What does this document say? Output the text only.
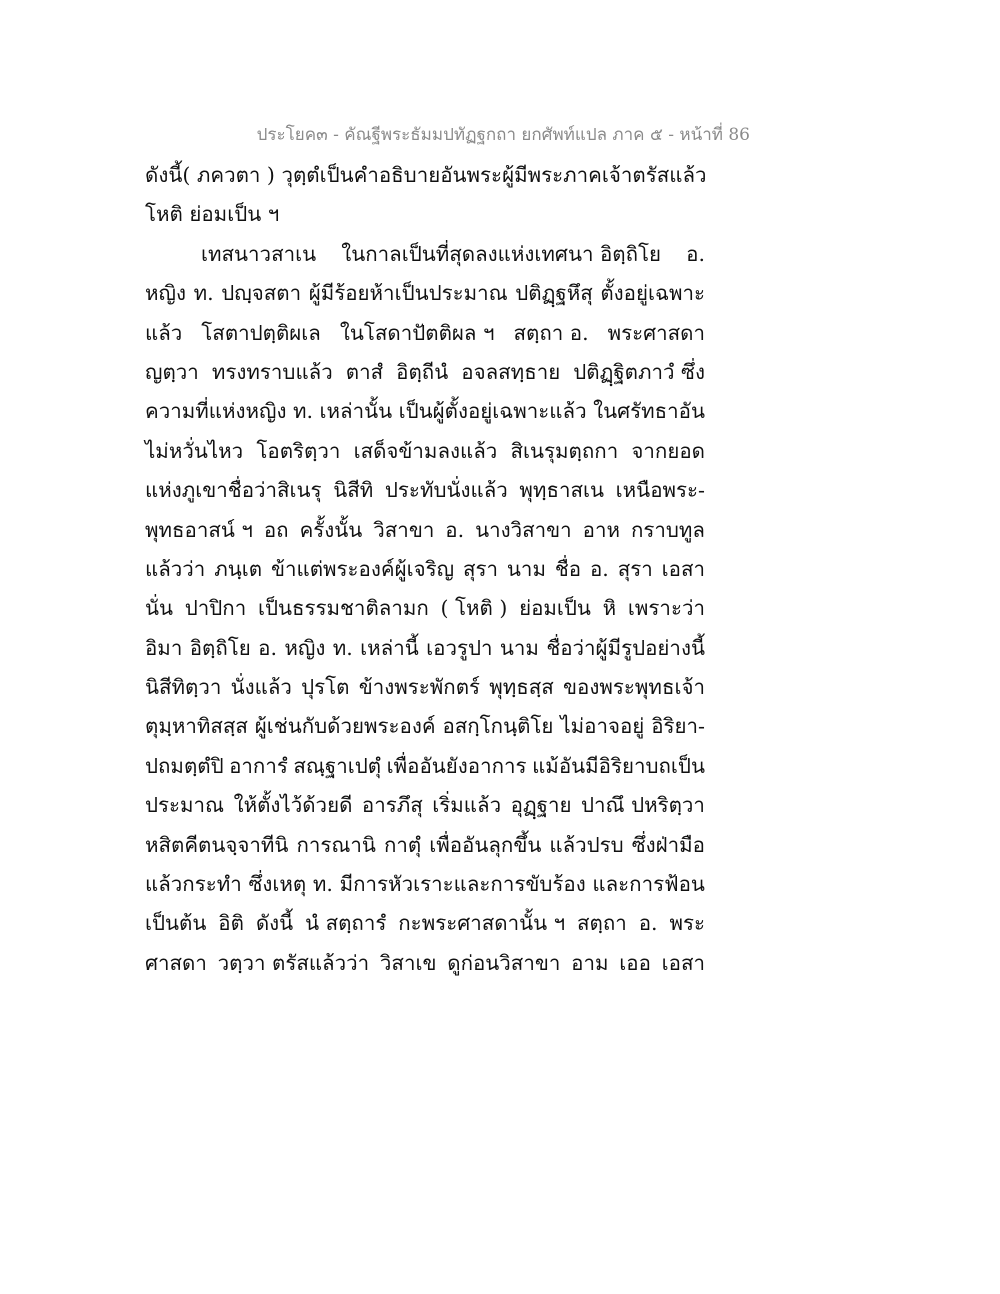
ประโยค๓ - คัณฐีพระธัมมปทัฏฐกถา ยกศัพท์แปล ภาค ๕ - หน้าที่ 86
ดังนี้ ( ภควตา ) วุตฺตํ เป็นคำอธิบายอันพระผู้มีพระภาคเจ้าตรัสแล้ว
โหติ ย่อมเป็น ฯ
เทสนาวสาเน ในกาลเป็นที่สุดลงแห่งเทศนา อิตฺถิโย อ.
หญิง ท. ปญฺจสตา ผู้มีร้อยห้าเป็นประมาณ ปติฏฺฐหึสุ ตั้งอยู่เฉพาะ
แล้ว โสตาปตฺติผเล ในโสดาปัตติผล ฯ สตฺถา อ. พระศาสดา
ญตฺวา ทรงทราบแล้ว ตาสํ อิตฺถีนํ อจลสทฺธาย ปติฏฺฐิตภาวํ ซึ่ง
ความที่แห่งหญิง ท. เหล่านั้น เป็นผู้ตั้งอยู่เฉพาะแล้ว ในศรัทธาอัน
ไม่หวั่นไหว โอตริตฺวา เสด็จข้ามลงแล้ว สิเนรุมตฺถกา จากยอด
แห่งภูเขาชื่อว่าสิเนรุ นิสีทิ ประทับนั่งแล้ว พุทฺธาสเน เหนือพระ-
พุทธอาสน์ ฯ อถ ครั้งนั้น วิสาขา อ. นางวิสาขา อาห กราบทูล
แล้วว่า ภนฺเต ข้าแต่พระองค์ผู้เจริญ สุรา นาม ชื่อ อ. สุรา เอสา
นั่น ปาปิกา เป็นธรรมชาติลามก ( โหติ ) ย่อมเป็น หิ เพราะว่า
อิมา อิตฺถิโย อ. หญิง ท. เหล่านี้ เอวรูปา นาม ชื่อว่าผู้มีรูปอย่างนี้
นิสีทิตฺวา นั่งแล้ว ปุรโต ข้างพระพักตร์ พุทฺธสฺส ของพระพุทธเจ้า
ตุมฺหาทิสสฺส ผู้เช่นกับด้วยพระองค์ อสกฺโกนฺติโย ไม่อาจอยู่ อิริยา-
ปถมตฺตํปิ อาการํ สณฺฐาเปตุํ เพื่ออันยังอาการ แม้อันมีอิริยาบถเป็น
ประมาณ ให้ตั้งไว้ด้วยดี อารภึสุ เริ่มแล้ว อุฏฺฐาย ปาณึ ปหริตฺวา
หสิตคีตนจฺจาทีนิ การณานิ กาตุํ เพื่ออันลุกขึ้น แล้วปรบ ซึ่งฝ่ามือ
แล้วกระทำ ซึ่งเหตุ ท. มีการหัวเราะและการขับร้อง และการฟ้อน
เป็นต้น อิติ ดังนี้ นํ สตฺถารํ กะพระศาสดานั้น ฯ สตฺถา อ. พระ
ศาสดา วตฺวา ตรัสแล้วว่า วิสาเข ดูก่อนวิสาขา อาม เออ เอสา
